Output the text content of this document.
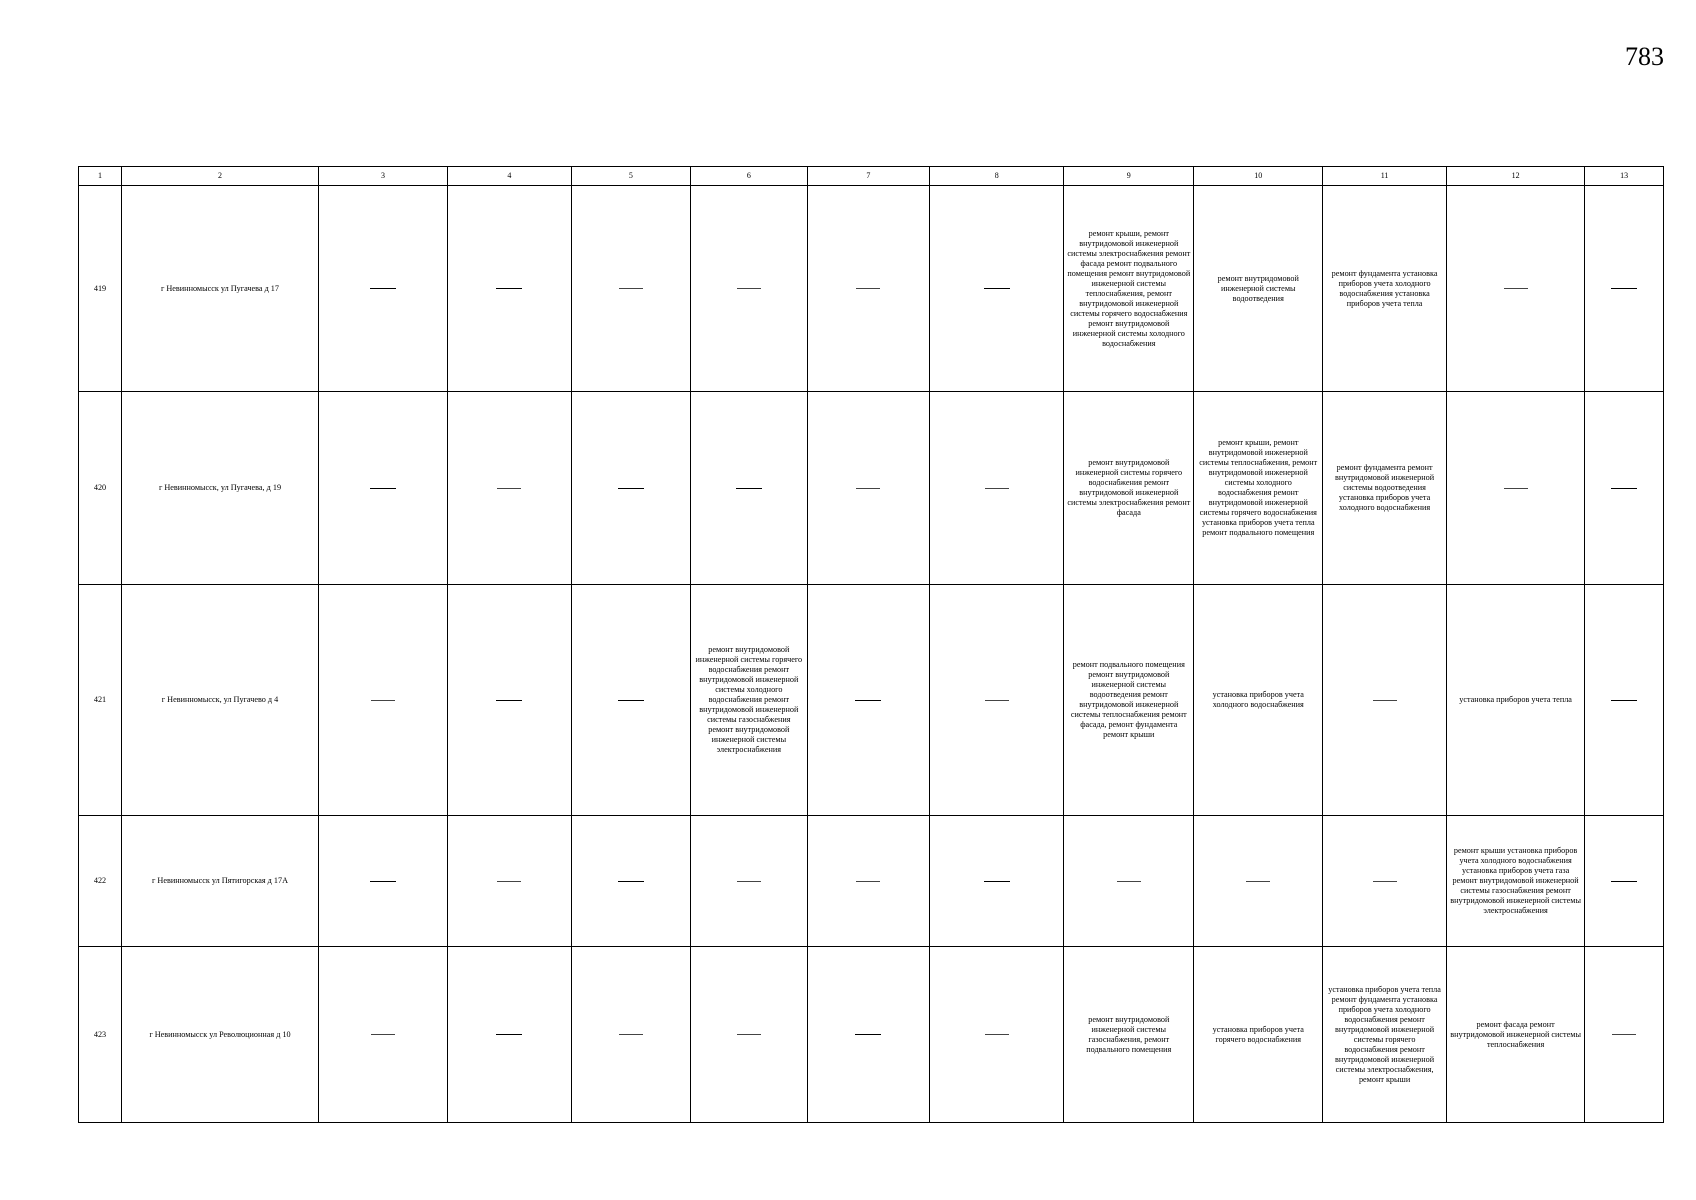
783
1	2	3	4	5	6	7	8	9	10	11	12	13
419	г Невинномысск ул Пугачева д 17							ремонт крыши, ремонт внутридомовой инженерной системы электроснабжения ремонт фасада ремонт подвального помещения ремонт внутридомовой инженерной системы теплоснабжения, ремонт внутридомовой инженерной системы горячего водоснабжения ремонт внутридомовой инженерной системы холодного водоснабжения	ремонт внутридомовой инженерной системы водоотведения	ремонт фундамента установка приборов учета холодного водоснабжения установка приборов учета тепла		
420	г Невинномысск, ул Пугачева, д 19							ремонт внутридомовой инженерной системы горячего водоснабжения ремонт внутридомовой инженерной системы электроснабжения ремонт фасада	ремонт крыши, ремонт внутридомовой инженерной системы теплоснабжения, ремонт внутридомовой инженерной системы холодного водоснабжения ремонт внутридомовой инженерной системы горячего водоснабжения установка приборов учета тепла ремонт подвального помещения	ремонт фундамента ремонт внутридомовой инженерной системы водоотведения установка приборов учета холодного водоснабжения		
421	г Невинномысск, ул Пугачево д 4				ремонт внутридомовой инженерной системы горячего водоснабжения ремонт внутридомовой инженерной системы холодного водоснабжения ремонт внутридомовой инженерной системы газоснабжения ремонт внутридомовой инженерной системы электроснабжения			ремонт подвального помещения ремонт внутридомовой инженерной системы водоотведения ремонт внутридомовой инженерной системы теплоснабжения ремонт фасада, ремонт фундамента ремонт крыши	установка приборов учета холодного водоснабжения		установка приборов учета тепла	
422	г Невинномысск ул Пятигорская д 17А										ремонт крыши установка приборов учета холодного водоснабжения установка приборов учета газа ремонт внутридомовой инженерной системы газоснабжения ремонт внутридомовой инженерной системы электроснабжения	
423	г Невинномысск ул Революционная д 10							ремонт внутридомовой инженерной системы газоснабжения, ремонт подвального помещения	установка приборов учета горячего водоснабжения	установка приборов учета тепла ремонт фундамента установка приборов учета холодного водоснабжения ремонт внутридомовой инженерной системы горячего водоснабжения ремонт внутридомовой инженерной системы электроснабжения, ремонт крыши	ремонт фасада ремонт внутридомовой инженерной системы теплоснабжения	
